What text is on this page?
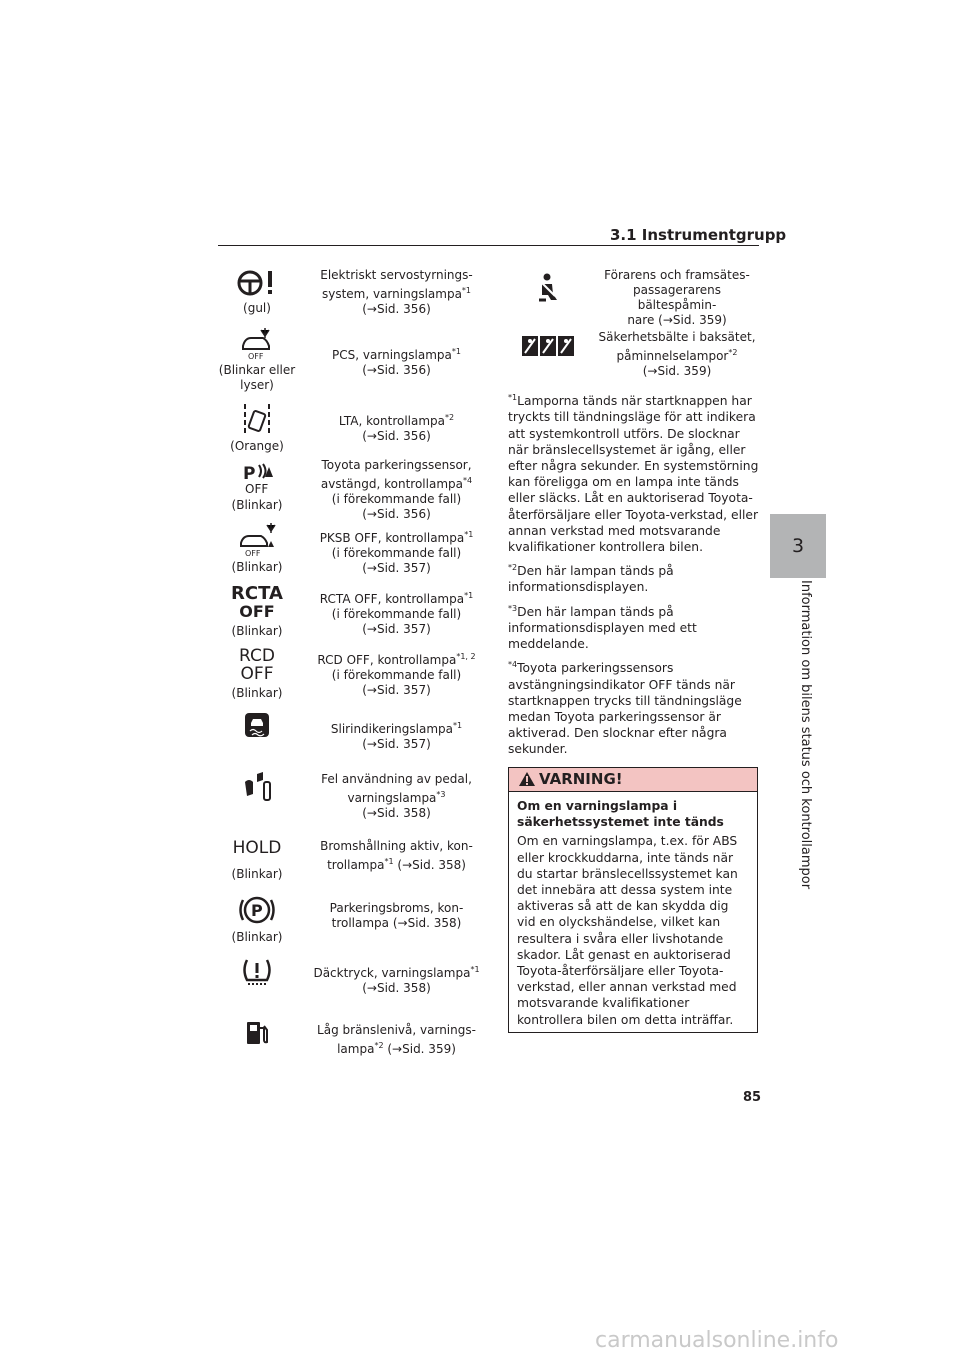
3.1 Instrumentgrupp
3
Information om bilens status och kontrollampor
(gul)
Elektriskt servostyrnings-
system, varningslampa$^{*1}$
(→Sid. 356)
OFF
(Blinkar eller lyser)
PCS, varningslampa$^{*1}$
(→Sid. 356)
(Orange)
LTA, kontrollampa$^{*2}$
(→Sid. 356)
P
OFF
(Blinkar)
Toyota parkeringssensor,
avstängd, kontrollampa$^{*4}$
(i förekommande fall)
(→Sid. 356)
OFF
(Blinkar)
PKSB OFF, kontrollampa$^{*1}$
(i förekommande fall)
(→Sid. 357)
RCTA
OFF
(Blinkar)
RCTA OFF, kontrollampa$^{*1}$
(i förekommande fall)
(→Sid. 357)
RCD
OFF
(Blinkar)
RCD OFF, kontrollampa$^{*1, 2}$
(i förekommande fall)
(→Sid. 357)
Slirindikeringslampa$^{*1}$
(→Sid. 357)
Fel användning av pedal,
varningslampa$^{*3}$
(→Sid. 358)
HOLD
(Blinkar)
Bromshållning aktiv, kon-
trollampa$^{*1}$ (→Sid. 358)
P
(Blinkar)
Parkeringsbroms, kon-
trollampa (→Sid. 358)
Däcktryck, varningslampa$^{*1}$
(→Sid. 358)
Låg bränslenivå, varnings-
lampa$^{*2}$ (→Sid. 359)
Förarens och framsätes-
passagerarens bältespåmin-
nare (→Sid. 359)
Säkerhetsbälte i baksätet,
påminnelselampor$^{*2}$
(→Sid. 359)

$^{*1}$Lamporna tänds när startknappen har tryckts till tändningsläge för att indikera att systemkontroll utförs. De slocknar när bränslecellsystemet är igång, eller efter några sekunder. En systemstörning kan föreligga om en lampa inte tänds eller släcks. Låt en auktoriserad Toyota-återförsäljare eller Toyota-verkstad, eller annan verkstad med motsvarande kvalifikationer kontrollera bilen.

$^{*2}$Den här lampan tänds på informationsdisplayen.

$^{*3}$Den här lampan tänds på informationsdisplayen med ett meddelande.

$^{*4}$Toyota parkeringssensors avstängningsindikator OFF tänds när startknappen trycks till tändningsläge medan Toyota parkeringssensor är aktiverad. Den slocknar efter några sekunder.

VARNING!
Om en varningslampa i säkerhetssystemet inte tänds
Om en varningslampa, t.ex. för ABS eller krockkuddarna, inte tänds när du startar bränslecellssystemet kan det innebära att dessa system inte aktiveras så att de kan skydda dig vid en olyckshändelse, vilket kan resultera i svåra eller livshotande skador. Låt genast en auktoriserad Toyota-återförsäljare eller Toyota-verkstad, eller annan verkstad med motsvarande kvalifikationer kontrollera bilen om detta inträffar.
85
carmanualsonline.info
